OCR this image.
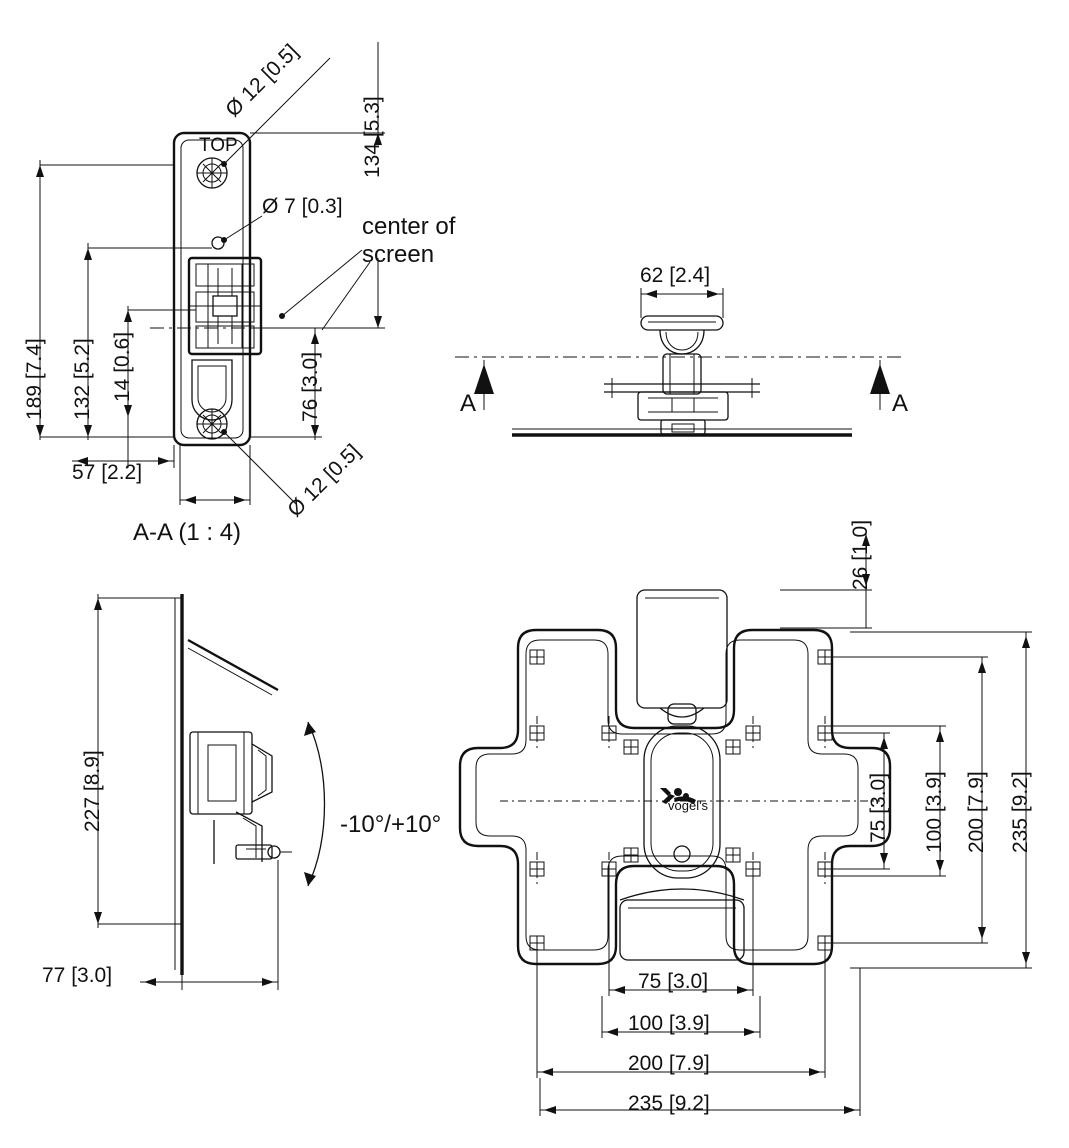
vogel's
134 [5.3]
189 [7.4] 132 [5.2] 14 [0.6]	76 [3.0]
57 [2.2]
Ø 12 [0.5]
Ø 7 [0.3]
Ø 12 [0.5]
center of
screen
TOP
A-A (1 : 4)
62 [2.4]
A	A
227 [8.9]
77 [3.0]
-10°/+10°
26 [1.0]
75 [3.0] 100 [3.9] 200 [7.9] 235 [9.2]
75 [3.0]
100 [3.9]
200 [7.9]
235 [9.2]
